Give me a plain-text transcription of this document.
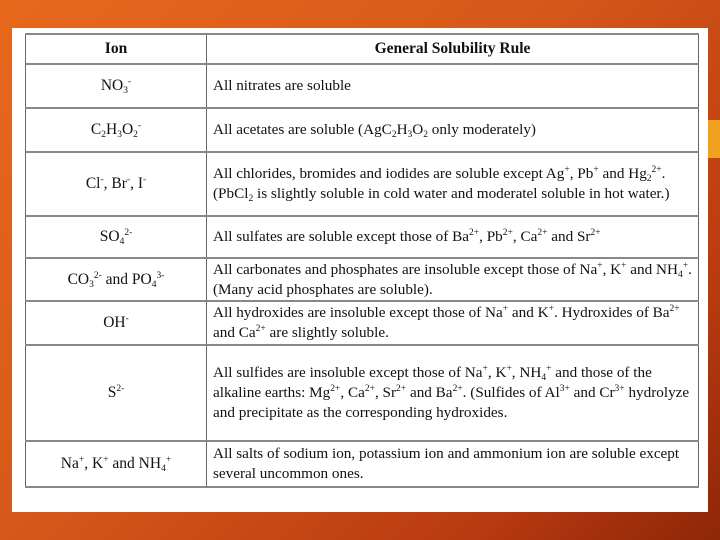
Ion	General Solubility Rule
$NO_3^-$	All nitrates are soluble
$C_2H_3O_2^-$	All acetates are soluble ($AgC_2H_3O_2$ only moderately)
Cl-, Br-, I-	All chlorides, bromides and iodides are soluble except Ag+, Pb+ and $Hg_2^{2+}$. (PbCl$_2$ is slightly soluble in cold water and moderatel soluble in hot water.)
$SO_4^{2-}$	All sulfates are soluble except those of $Ba^{2+}$, $Pb^{2+}$, $Ca^{2+}$ and $Sr^{2+}$
$CO_3^{2-}$ and $PO_4^{3-}$	All carbonates and phosphates are insoluble except those of Na+, K+ and $NH_4^+$. (Many acid phosphates are soluble).
OH-	All hydroxides are insoluble except those of Na+ and K+. Hydroxides of $Ba^{2+}$ and $Ca^{2+}$ are slightly soluble.
$S^{2-}$	All sulfides are insoluble except those of Na+, K+, $NH_4^+$ and those of the alkaline earths: $Mg^{2+}$, $Ca^{2+}$, $Sr^{2+}$ and $Ba^{2+}$. (Sulfides of $Al^{3+}$ and $Cr^{3+}$ hydrolyze and precipitate as the corresponding hydroxides.
Na+, K+ and $NH_4^+$	All salts of sodium ion, potassium ion and ammonium ion are soluble except several uncommon ones.
